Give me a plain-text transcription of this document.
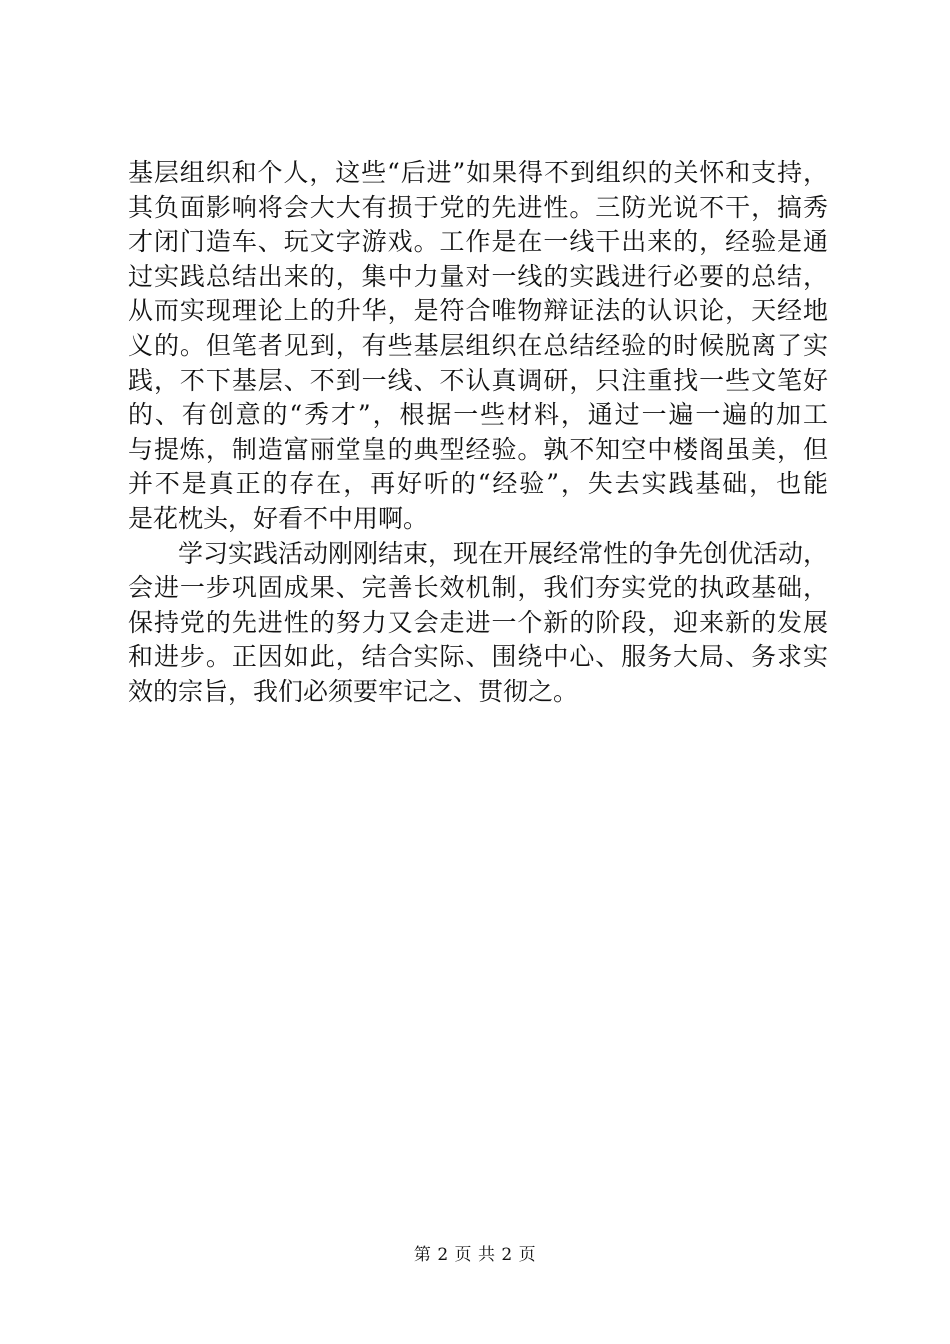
基层组织和个人，这些“后进”如果得不到组织的关怀和支持，
其负面影响将会大大有损于党的先进性。三防光说不干，搞秀
才闭门造车、玩文字游戏。工作是在一线干出来的，经验是通
过实践总结出来的，集中力量对一线的实践进行必要的总结，
从而实现理论上的升华，是符合唯物辩证法的认识论，天经地
义的。但笔者见到，有些基层组织在总结经验的时候脱离了实
践，不下基层、不到一线、不认真调研，只注重找一些文笔好
的、有创意的“秀才”，根据一些材料，通过一遍一遍的加工
与提炼，制造富丽堂皇的典型经验。孰不知空中楼阁虽美，但
并不是真正的存在，再好听的“经验”，失去实践基础，也能
是花枕头，好看不中用啊。
学习实践活动刚刚结束，现在开展经常性的争先创优活动，
会进一步巩固成果、完善长效机制，我们夯实党的执政基础，
保持党的先进性的努力又会走进一个新的阶段，迎来新的发展
和进步。正因如此，结合实际、围绕中心、服务大局、务求实
效的宗旨，我们必须要牢记之、贯彻之。
第 2 页 共 2 页
